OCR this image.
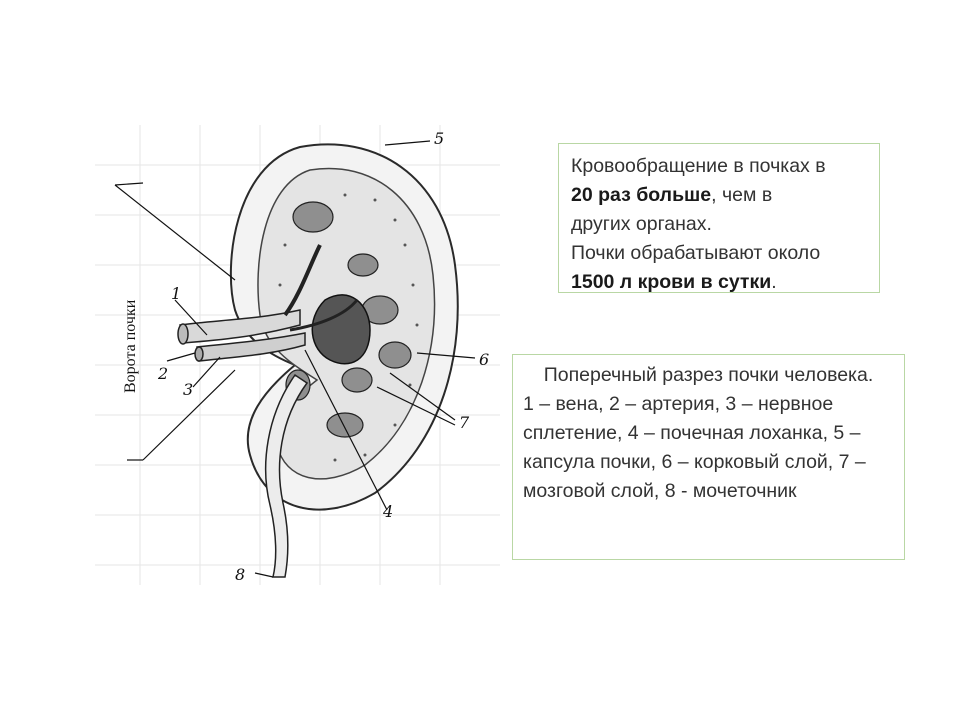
Ворота почки
5
1
2
3
6
7
4
8
Кровообращение в почках в
20 раз больше, чем в
других органах.
Почки обрабатывают около
1500 л крови в сутки.
Поперечный разрез почки человека.
1 – вена, 2 – артерия, 3 – нервное сплетение, 4 – почечная лоханка, 5 – капсула почки, 6 – корковый слой, 7 – мозговой слой, 8 - мочеточник
